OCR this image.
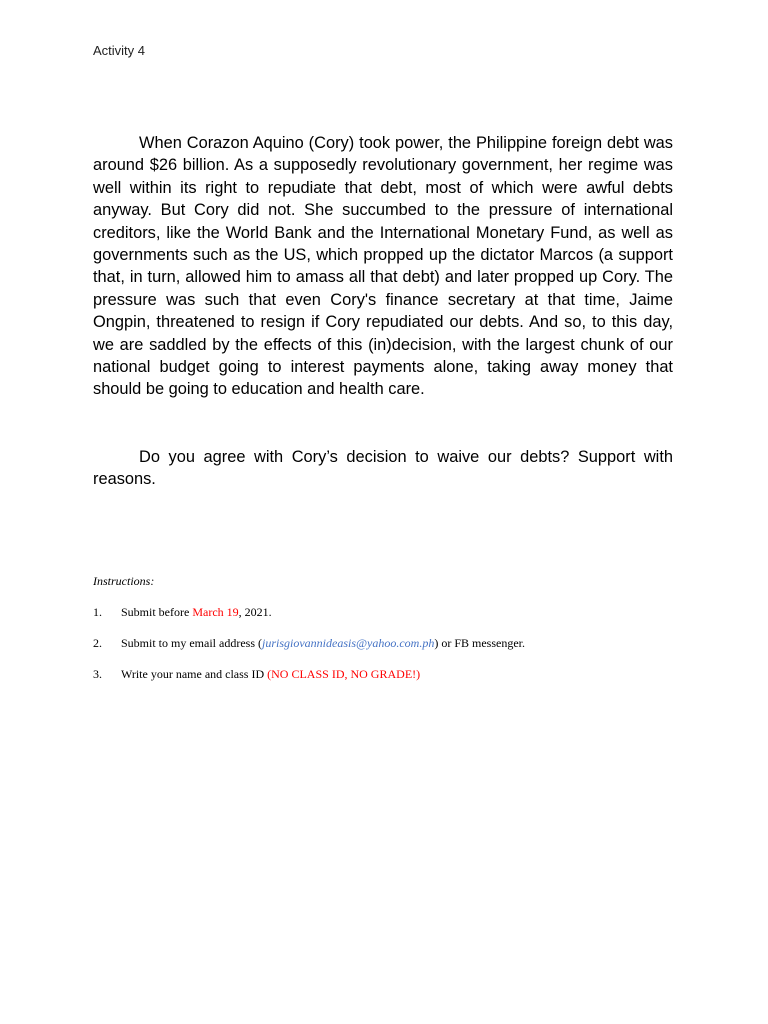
Activity 4

When Corazon Aquino (Cory) took power, the Philippine foreign debt was around $26 billion. As a supposedly revolutionary government, her regime was well within its right to repudiate that debt, most of which were awful debts anyway. But Cory did not. She succumbed to the pressure of international creditors, like the World Bank and the International Monetary Fund, as well as governments such as the US, which propped up the dictator Marcos (a support that, in turn, allowed him to amass all that debt) and later propped up Cory. The pressure was such that even Cory's finance secretary at that time, Jaime Ongpin, threatened to resign if Cory repudiated our debts. And so, to this day, we are saddled by the effects of this (in)decision, with the largest chunk of our national budget going to interest payments alone, taking away money that should be going to education and health care.

Do you agree with Cory’s decision to waive our debts? Support with reasons.

Instructions:
1. Submit before March 19, 2021.
2. Submit to my email address (jurisgiovannideasis@yahoo.com.ph) or FB messenger.
3. Write your name and class ID (NO CLASS ID, NO GRADE!)
